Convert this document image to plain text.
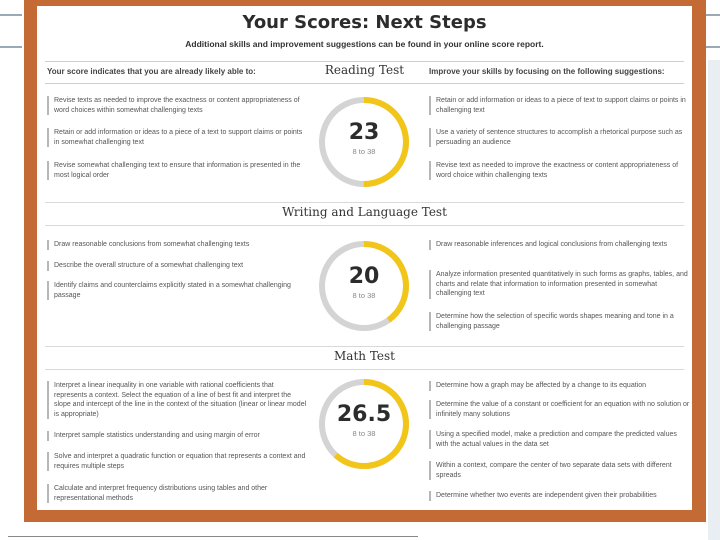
Your Scores: Next Steps
Additional skills and improvement suggestions can be found in your online score report.
Your score indicates that you are already likely able to:	Improve your skills by focusing on the following suggestions:
Reading Test
Revise texts as needed to improve the exactness or content appropriateness of word choices within somewhat challenging texts
Retain or add information or ideas to a piece of a text to support claims or points in somewhat challenging text
Revise somewhat challenging text to ensure that information is presented in the most logical order
Retain or add information or ideas to a piece of text to support claims or points in challenging text
Use a variety of sentence structures to accomplish a rhetorical purpose such as persuading an audience
Revise text as needed to improve the exactness or content appropriateness of word choice within challenging texts
23
8 to 38
Writing and Language Test
Draw reasonable conclusions from somewhat challenging texts
Describe the overall structure of a somewhat challenging text
Identify claims and counterclaims explicitly stated in a somewhat challenging passage
Draw reasonable inferences and logical conclusions from challenging texts
Analyze information presented quantitatively in such forms as graphs, tables, and charts and relate that information to information presented in somewhat challenging text
Determine how the selection of specific words shapes meaning and tone in a challenging passage
20
8 to 38
Math Test
Interpret a linear inequality in one variable with rational coefficients that represents a context. Select the equation of a line of best fit and interpret the slope and intercept of the line in the context of the situation (linear or linear model is appropriate)
Interpret sample statistics understanding and using margin of error
Solve and interpret a quadratic function or equation that represents a context and requires multiple steps
Calculate and interpret frequency distributions using tables and other representational methods
Determine how a graph may be affected by a change to its equation
Determine the value of a constant or coefficient for an equation with no solution or infinitely many solutions
Using a specified model, make a prediction and compare the predicted values with the actual values in the data set
Within a context, compare the center of two separate data sets with different spreads
Determine whether two events are independent given their probabilities
26.5
8 to 38
